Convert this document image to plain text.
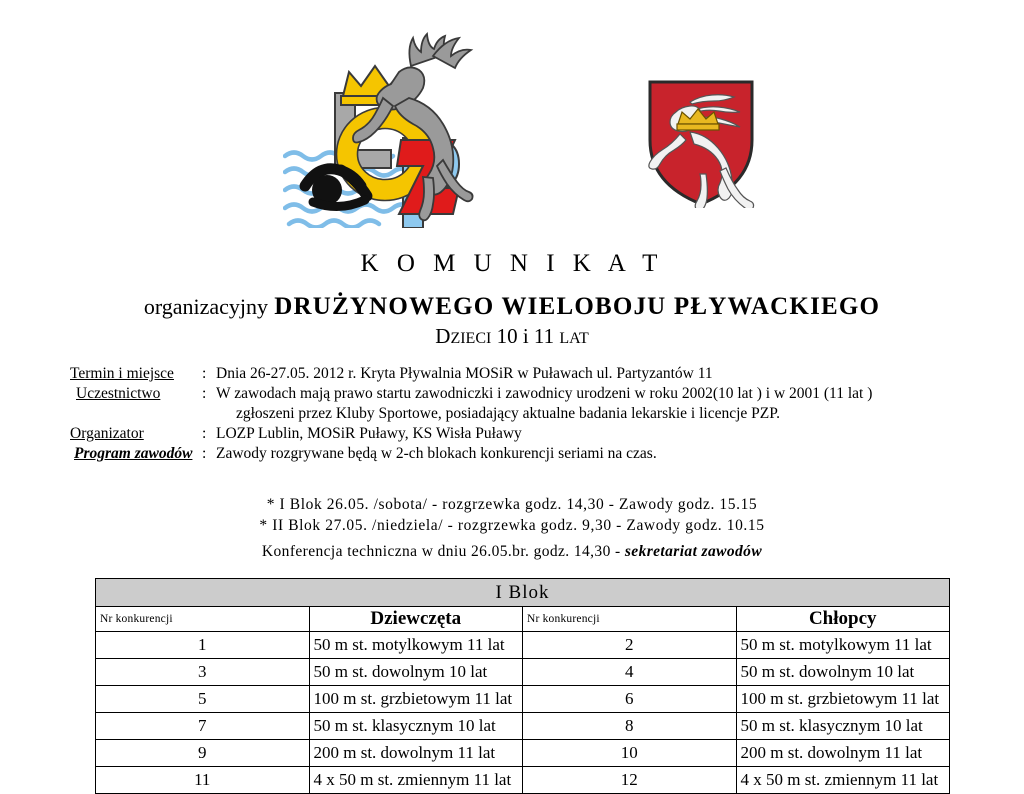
K O M U N I K A T
organizacyjny DRUŻYNOWEGO WIELOBOJU PŁYWACKIEGO
DZIECI 10 i 11 LAT
Termin i miejsce	: Dnia 26-27.05. 2012 r. Kryta Pływalnia MOSiR w Puławach ul. Partyzantów 11
Uczestnictwo	: W zawodach mają prawo startu zawodniczki i zawodnicy urodzeni w roku 2002(10 lat ) i w 2001 (11 lat )
zgłoszeni przez Kluby Sportowe, posiadający aktualne badania lekarskie i licencje PZP.
Organizator	: LOZP Lublin, MOSiR Puławy, KS Wisła Puławy
Program zawodów : Zawody rozgrywane będą w 2-ch blokach konkurencji seriami na czas.
* I Blok 26.05. /sobota/ - rozgrzewka godz. 14,30 - Zawody godz. 15.15
* II Blok 27.05. /niedziela/ - rozgrzewka godz. 9,30 - Zawody godz. 10.15
Konferencja techniczna w dniu 26.05.br. godz. 14,30 - sekretariat zawodów
I Blok			
Nr konkurencji	Dziewczęta	Nr konkurencji	Chłopcy
1	50 m st. motylkowym 11 lat	2	50 m st. motylkowym 11 lat
3	50 m st. dowolnym 10 lat	4	50 m st. dowolnym 10 lat
5	100 m st. grzbietowym 11 lat	6	100 m st. grzbietowym 11 lat
7	50 m st. klasycznym 10 lat	8	50 m st. klasycznym 10 lat
9	200 m st. dowolnym 11 lat	10	200 m st. dowolnym 11 lat
11	4 x 50 m st. zmiennym 11 lat	12	4 x 50 m st. zmiennym 11 lat
